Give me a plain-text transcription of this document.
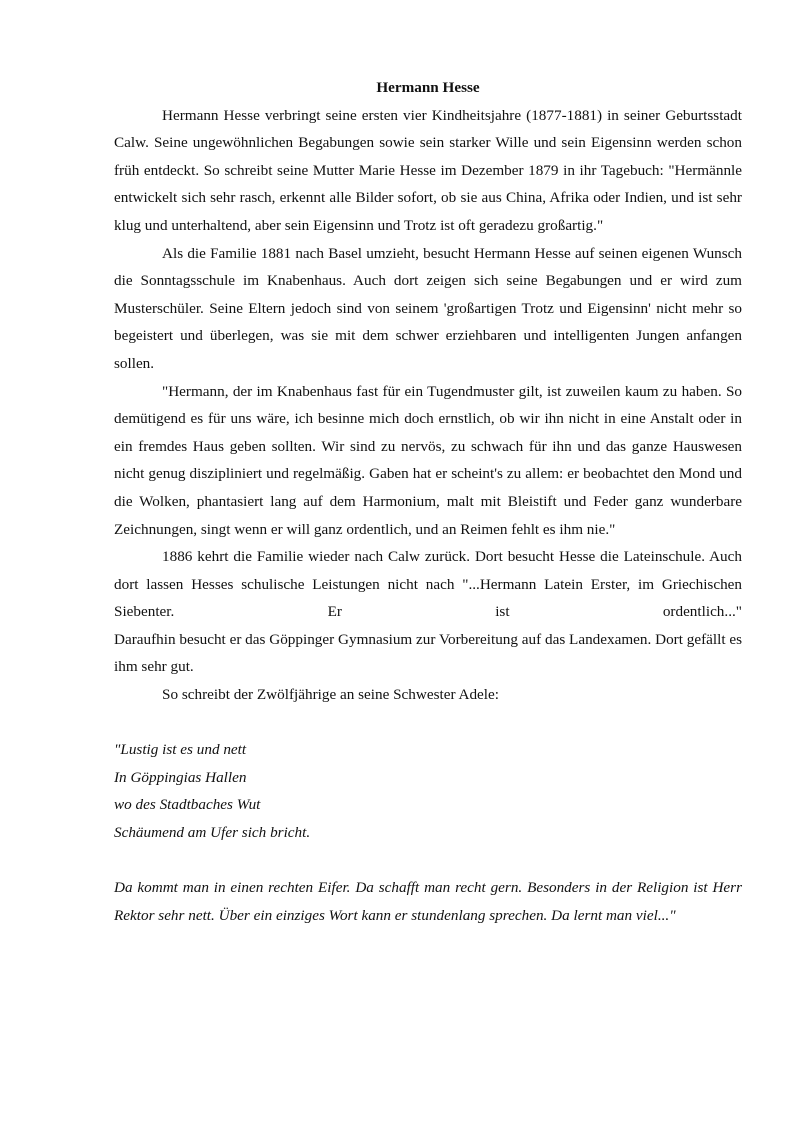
Hermann Hesse

Hermann Hesse verbringt seine ersten vier Kindheitsjahre (1877-1881) in seiner Geburtsstadt Calw. Seine ungewöhnlichen Begabungen sowie sein starker Wille und sein Eigensinn werden schon früh entdeckt. So schreibt seine Mutter Marie Hesse im Dezember 1879 in ihr Tagebuch: "Hermännle entwickelt sich sehr rasch, erkennt alle Bilder sofort, ob sie aus China, Afrika oder Indien, und ist sehr klug und unterhaltend, aber sein Eigensinn und Trotz ist oft geradezu großartig."

Als die Familie 1881 nach Basel umzieht, besucht Hermann Hesse auf seinen eigenen Wunsch die Sonntagsschule im Knabenhaus. Auch dort zeigen sich seine Begabungen und er wird zum Musterschüler. Seine Eltern jedoch sind von seinem 'großartigen Trotz und Eigensinn' nicht mehr so begeistert und überlegen, was sie mit dem schwer erziehbaren und intelligenten Jungen anfangen sollen.

"Hermann, der im Knabenhaus fast für ein Tugendmuster gilt, ist zuweilen kaum zu haben. So demütigend es für uns wäre, ich besinne mich doch ernstlich, ob wir ihn nicht in eine Anstalt oder in ein fremdes Haus geben sollten. Wir sind zu nervös, zu schwach für ihn und das ganze Hauswesen nicht genug diszipliniert und regelmäßig. Gaben hat er scheint's zu allem: er beobachtet den Mond und die Wolken, phantasiert lang auf dem Harmonium, malt mit Bleistift und Feder ganz wunderbare Zeichnungen, singt wenn er will ganz ordentlich, und an Reimen fehlt es ihm nie."

1886 kehrt die Familie wieder nach Calw zurück. Dort besucht Hesse die Lateinschule. Auch dort lassen Hesses schulische Leistungen nicht nach "...Hermann Latein Erster, im Griechischen Siebenter. Er ist ordentlich..."

Daraufhin besucht er das Göppinger Gymnasium zur Vorbereitung auf das Landexamen. Dort gefällt es ihm sehr gut.

So schreibt der Zwölfjährige an seine Schwester Adele:

"Lustig ist es und nett
In Göppingias Hallen
wo des Stadtbaches Wut
Schäumend am Ufer sich bricht.

Da kommt man in einen rechten Eifer. Da schafft man recht gern. Besonders in der Religion ist Herr Rektor sehr nett. Über ein einziges Wort kann er stundenlang sprechen. Da lernt man viel..."
